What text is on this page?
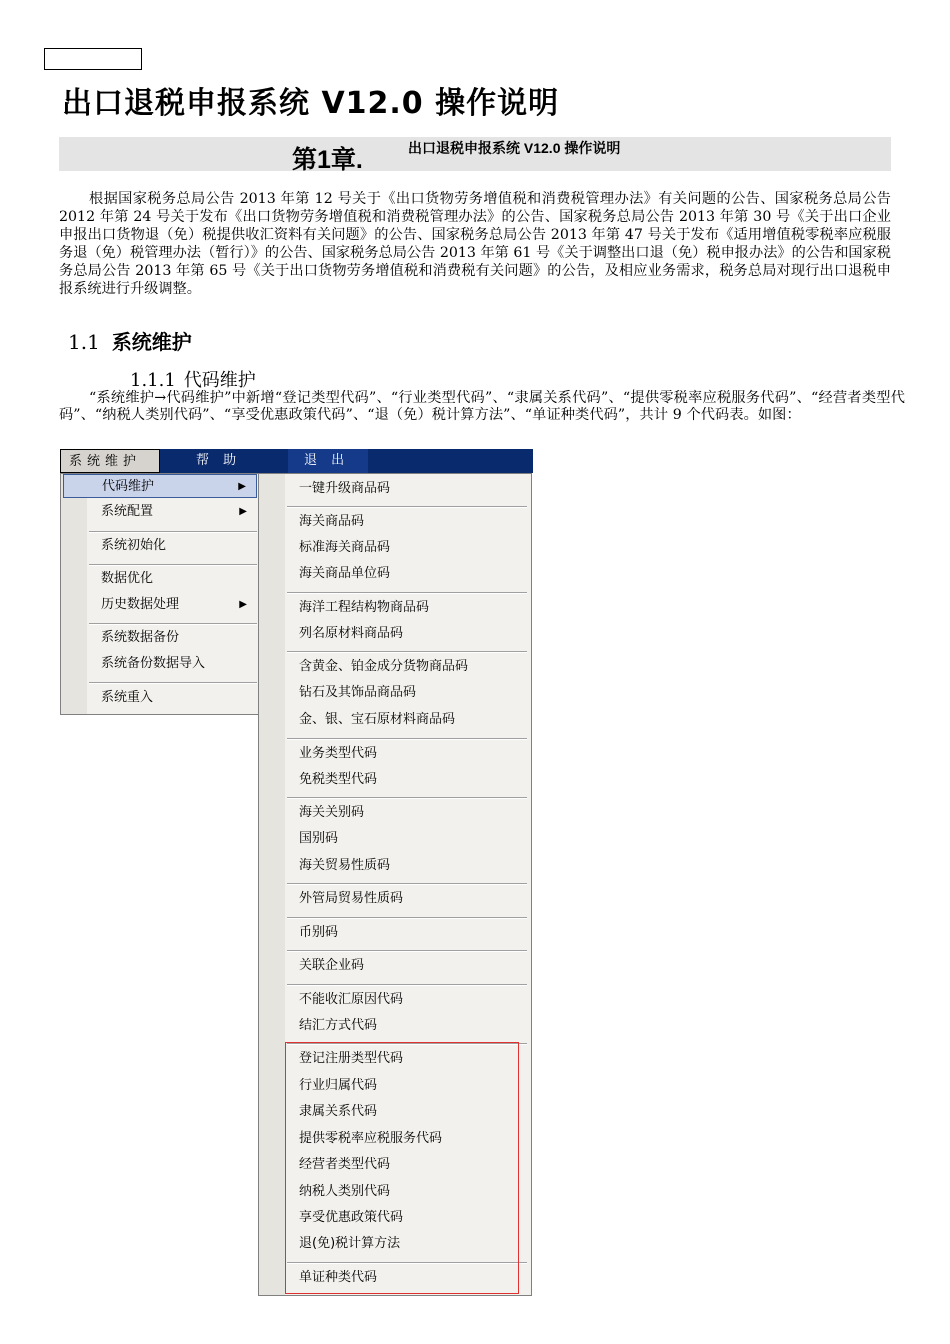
出口退税申报系统 V12.0 操作说明
第1章.	出口退税申报系统 V12.0 操作说明

根据国家税务总局公告 2013 年第 12 号关于《出口货物劳务增值税和消费税管理办法》有关问题的公告、国家税务总局公告 2012 年第 24 号关于发布《出口货物劳务增值税和消费税管理办法》的公告、国家税务总局公告 2013 年第 30 号《关于出口企业申报出口货物退（免）税提供收汇资料有关问题》的公告、国家税务总局公告 2013 年第 47 号关于发布《适用增值税零税率应税服务退（免）税管理办法（暂行）》的公告、国家税务总局公告 2013 年第 61 号《关于调整出口退（免）税申报办法》的公告和国家税务总局公告 2013 年第 65 号《关于出口货物劳务增值税和消费税有关问题》的公告，及相应业务需求，税务总局对现行出口退税申报系统进行升级调整。

1.1 系统维护
1.1.1 代码维护

“系统维护→代码维护”中新增“登记类型代码”、“行业类型代码”、“隶属关系代码”、“提供零税率应税服务代码”、“经营者类型代码”、“纳税人类别代码”、“享受优惠政策代码”、“退（免）税计算方法”、“单证种类代码”，共计 9 个代码表。如图：

系统维护	帮 助	退 出
代码维护	▶
系统配置	▶
系统初始化
数据优化
历史数据处理	▶
系统数据备份
系统备份数据导入
系统重入
一键升级商品码
海关商品码
标准海关商品码
海关商品单位码
海洋工程结构物商品码
列名原材料商品码
含黄金、铂金成分货物商品码
钻石及其饰品商品码
金、银、宝石原材料商品码
业务类型代码
免税类型代码
海关关别码
国别码
海关贸易性质码
外管局贸易性质码
币别码
关联企业码
不能收汇原因代码
结汇方式代码
登记注册类型代码
行业归属代码
隶属关系代码
提供零税率应税服务代码
经营者类型代码
纳税人类别代码
享受优惠政策代码
退(免)税计算方法
单证种类代码
